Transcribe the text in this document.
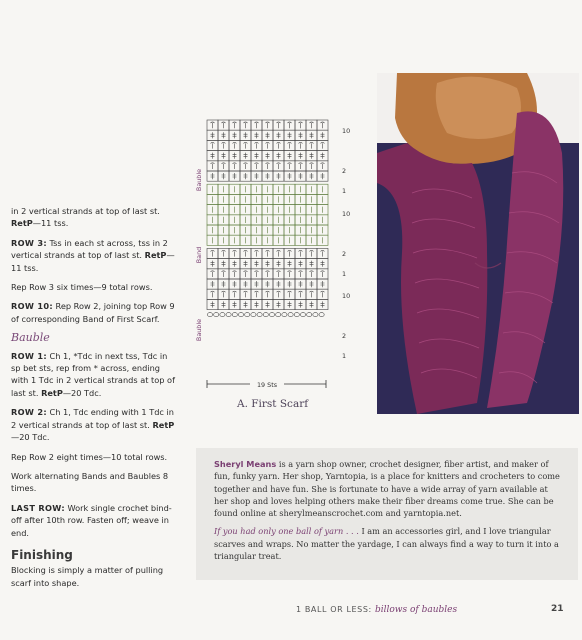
in 2 vertical strands at top of last st. RetP—11 tss.

ROW 3: Tss in each st across, tss in 2 vertical strands at top of last st. RetP—11 tss.

Rep Row 3 six times—9 total rows.

ROW 10: Rep Row 2, joining top Row 9 of corresponding Band of First Scarf.

Bauble

ROW 1: Ch 1, *Tdc in next tss, Tdc in sp bet sts, rep from * across, ending with 1 Tdc in 2 vertical strands at top of last st. RetP—20 Tdc.

ROW 2: Ch 1, Tdc ending with 1 Tdc in 2 vertical strands at top of last st. RetP—20 Tdc.

Rep Row 2 eight times—10 total rows.

Work alternating Bands and Baubles 8 times.

LAST ROW: Work single crochet bind-off after 10th row. Fasten off; weave in end.

Finishing

Blocking is simply a matter of pulling scarf into shape.

Bauble
Band
Bauble
10
2
1
10
2
1
10
2
1
19 Sts
A. First Scarf

Sheryl Means is a yarn shop owner, crochet designer, fiber artist, and maker of fun, funky yarn. Her shop, Yarntopia, is a place for knitters and crocheters to come together and have fun. She is fortunate to have a wide array of yarn available at her shop and loves helping others make their fiber dreams come true. She can be found online at sherylmeanscrochet.com and yarntopia.net.

If you had only one ball of yarn . . . I am an accessories girl, and I love triangular scarves and wraps. No matter the yardage, I can always find a way to turn it into a triangular treat.

1 BALL OR LESS: billows of baubles	21
